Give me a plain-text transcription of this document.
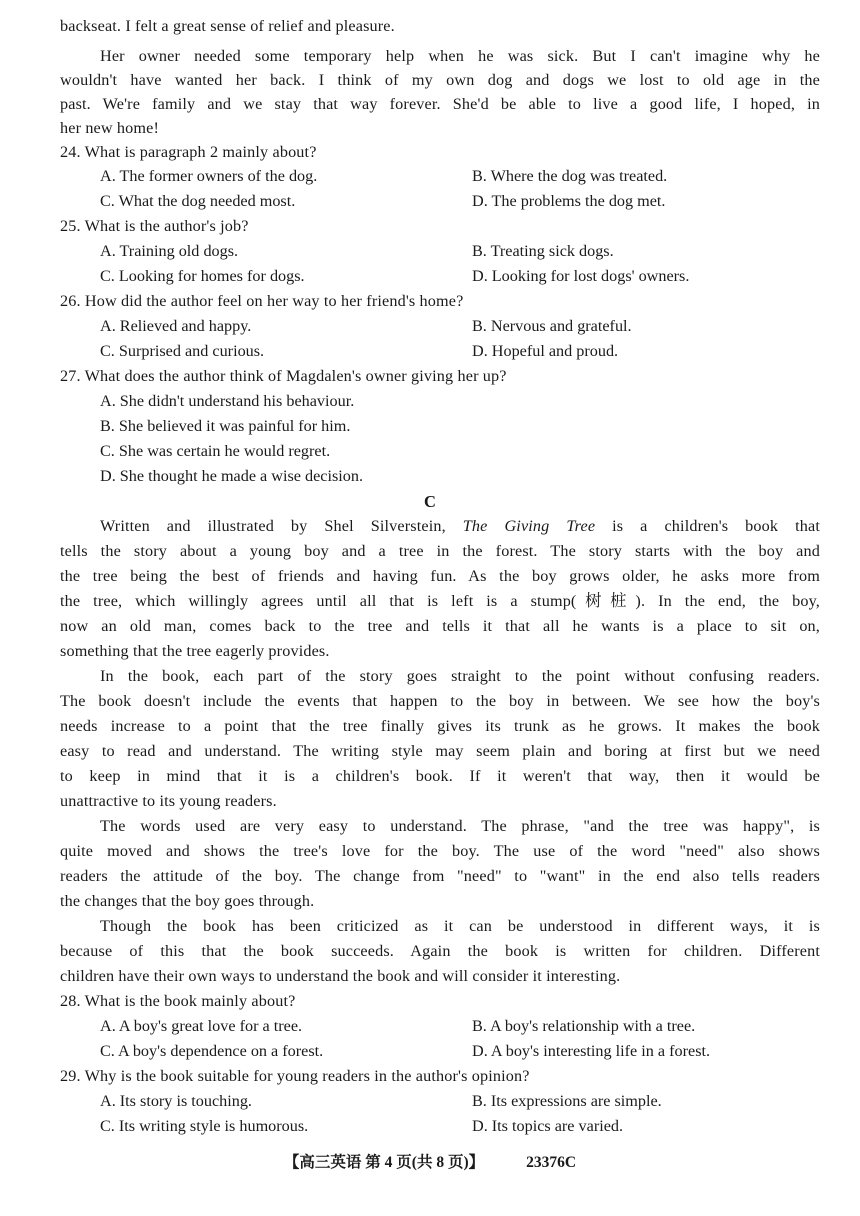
backseat. I felt a great sense of relief and pleasure.
Her owner needed some temporary help when he was sick. But I can't imagine why he
wouldn't have wanted her back. I think of my own dog and dogs we lost to old age in the
past. We're family and we stay that way forever. She'd be able to live a good life, I hoped, in
her new home!
24. What is paragraph 2 mainly about?
A. The former owners of the dog.	B. Where the dog was treated.
C. What the dog needed most.	D. The problems the dog met.
25. What is the author's job?
A. Training old dogs.	B. Treating sick dogs.
C. Looking for homes for dogs.	D. Looking for lost dogs' owners.
26. How did the author feel on her way to her friend's home?
A. Relieved and happy.	B. Nervous and grateful.
C. Surprised and curious.	D. Hopeful and proud.
27. What does the author think of Magdalen's owner giving her up?
A. She didn't understand his behaviour.
B. She believed it was painful for him.
C. She was certain he would regret.
D. She thought he made a wise decision.
C
Written and illustrated by Shel Silverstein, The Giving Tree is a children's book that
tells the story about a young boy and a tree in the forest. The story starts with the boy and
the tree being the best of friends and having fun. As the boy grows older, he asks more from
the tree, which willingly agrees until all that is left is a stump(树桩). In the end, the boy,
now an old man, comes back to the tree and tells it that all he wants is a place to sit on,
something that the tree eagerly provides.
In the book, each part of the story goes straight to the point without confusing readers.
The book doesn't include the events that happen to the boy in between. We see how the boy's
needs increase to a point that the tree finally gives its trunk as he grows. It makes the book
easy to read and understand. The writing style may seem plain and boring at first but we need
to keep in mind that it is a children's book. If it weren't that way, then it would be
unattractive to its young readers.
The words used are very easy to understand. The phrase, "and the tree was happy", is
quite moved and shows the tree's love for the boy. The use of the word "need" also shows
readers the attitude of the boy. The change from "need" to "want" in the end also tells readers
the changes that the boy goes through.
Though the book has been criticized as it can be understood in different ways, it is
because of this that the book succeeds. Again the book is written for children. Different
children have their own ways to understand the book and will consider it interesting.
28. What is the book mainly about?
A. A boy's great love for a tree.	B. A boy's relationship with a tree.
C. A boy's dependence on a forest.	D. A boy's interesting life in a forest.
29. Why is the book suitable for young readers in the author's opinion?
A. Its story is touching.	B. Its expressions are simple.
C. Its writing style is humorous.	D. Its topics are varied.
【高三英语 第 4 页(共 8 页)】	23376C
